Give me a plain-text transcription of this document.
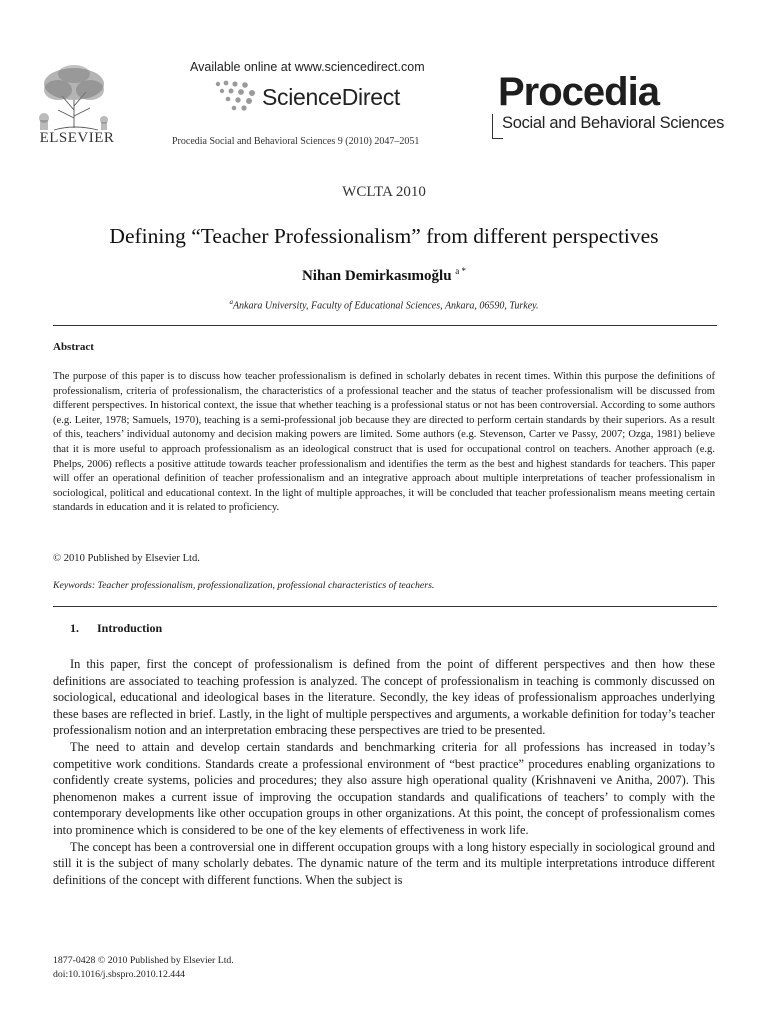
ELSEVIER
Available online at www.sciencedirect.com
ScienceDirect
Procedia Social and Behavioral Sciences 9 (2010) 2047–2051
Procedia
Social and Behavioral Sciences
WCLTA 2010
Defining “Teacher Professionalism” from different perspectives
Nihan Demirkasımoğlu $^{a *}$
$^a$Ankara University, Faculty of Educational Sciences, Ankara, 06590, Turkey.
Abstract

The purpose of this paper is to discuss how teacher professionalism is defined in scholarly debates in recent times. Within this purpose the definitions of professionalism, criteria of professionalism, the characteristics of a professional teacher and the status of teacher professionalism will be discussed from different perspectives. In historical context, the issue that whether teaching is a professional status or not has been controversial. According to some authors (e.g. Leiter, 1978; Samuels, 1970), teaching is a semi-professional job because they are directed to perform certain standards by their superiors. As a result of this, teachers’ individual autonomy and decision making powers are limited. Some authors (e.g. Stevenson, Carter ve Passy, 2007; Ozga, 1981) believe that it is more useful to approach professionalism as an ideological construct that is used for occupational control on teachers. Another approach (e.g. Phelps, 2006) reflects a positive attitude towards teacher professionalism and identifies the term as the best and highest standards for teachers. This paper will offer an operational definition of teacher professionalism and an integrative approach about multiple interpretations of teacher professionalism in sociological, political and educational context. In the light of multiple approaches, it will be concluded that teacher professionalism means meeting certain standards in education and it is related to proficiency.

© 2010 Published by Elsevier Ltd.
Keywords: Teacher professionalism, professionalization, professional characteristics of teachers.
1. Introduction

In this paper, first the concept of professionalism is defined from the point of different perspectives and then how these definitions are associated to teaching profession is analyzed. The concept of professionalism in teaching is commonly discussed on sociological, educational and ideological bases in the literature. Secondly, the key ideas of professionalism approaches underlying these bases are reflected in brief. Lastly, in the light of multiple perspectives and arguments, a workable definition for today’s teacher professionalism notion and an interpretation embracing these perspectives are tried to be presented.

The need to attain and develop certain standards and benchmarking criteria for all professions has increased in today’s competitive work conditions. Standards create a professional environment of “best practice” procedures enabling organizations to confidently create systems, policies and procedures; they also assure high operational quality (Krishnaveni ve Anitha, 2007). This phenomenon makes a current issue of improving the occupation standards and qualifications of teachers’ to comply with the contemporary developments like other occupation groups in other organizations. At this point, the concept of professionalism comes into prominence which is considered to be one of the key elements of effectiveness in work life.

The concept has been a controversial one in different occupation groups with a long history especially in sociological ground and still it is the subject of many scholarly debates. The dynamic nature of the term and its multiple interpretations introduce different definitions of the concept with different functions. When the subject is

1877-0428 © 2010 Published by Elsevier Ltd.
doi:10.1016/j.sbspro.2010.12.444
